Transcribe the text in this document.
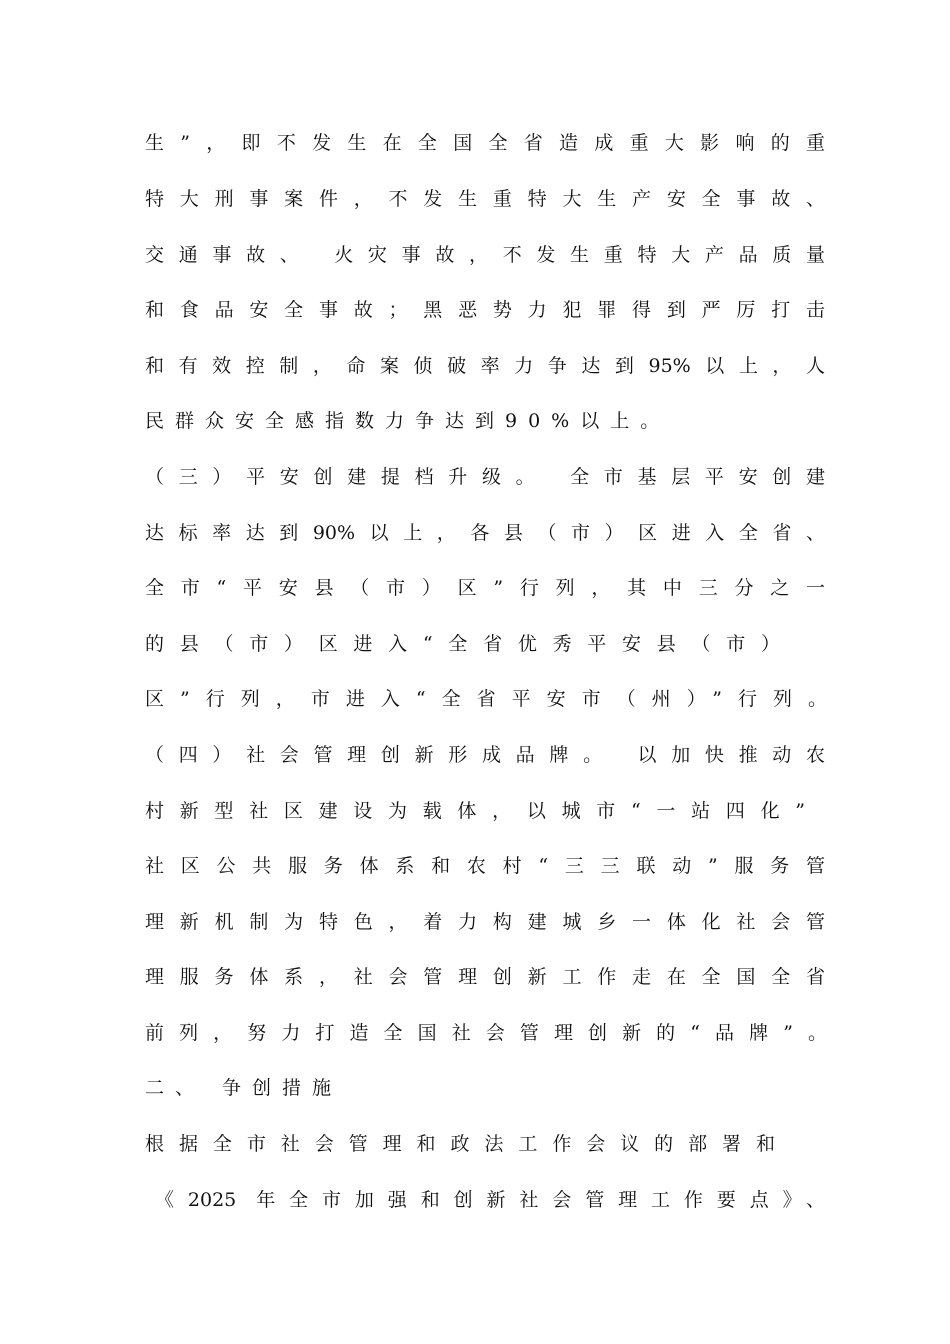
生”，即不发生在全国全省造成重大影响的重
特大刑事案件，不发生重特大生产安全事故、
交通事故、 火灾事故，不发生重特大产品质量
和食品安全事故；黑恶势力犯罪得到严厉打击
和有效控制，命案侦破率力争达到95%以上，人
民群众安全感指数力争达到90%以上。
（三）平安创建提档升级。 全市基层平安创建
达标率达到90%以上，各县（市）区进入全省、
全市“平安县（市）区”行列，其中三分之一
的县（市）区进入“全省优秀平安县（市）
区”行列，市进入“全省平安市（州）”行列。
（四）社会管理创新形成品牌。 以加快推动农
村新型社区建设为载体，以城市“一站四化”
社区公共服务体系和农村“三三联动”服务管
理新机制为特色，着力构建城乡一体化社会管
理服务体系，社会管理创新工作走在全国全省
前列，努力打造全国社会管理创新的“品牌”。
二、 争创措施
根据全市社会管理和政法工作会议的部署和
《2025 年全市加强和创新社会管理工作要点》、
